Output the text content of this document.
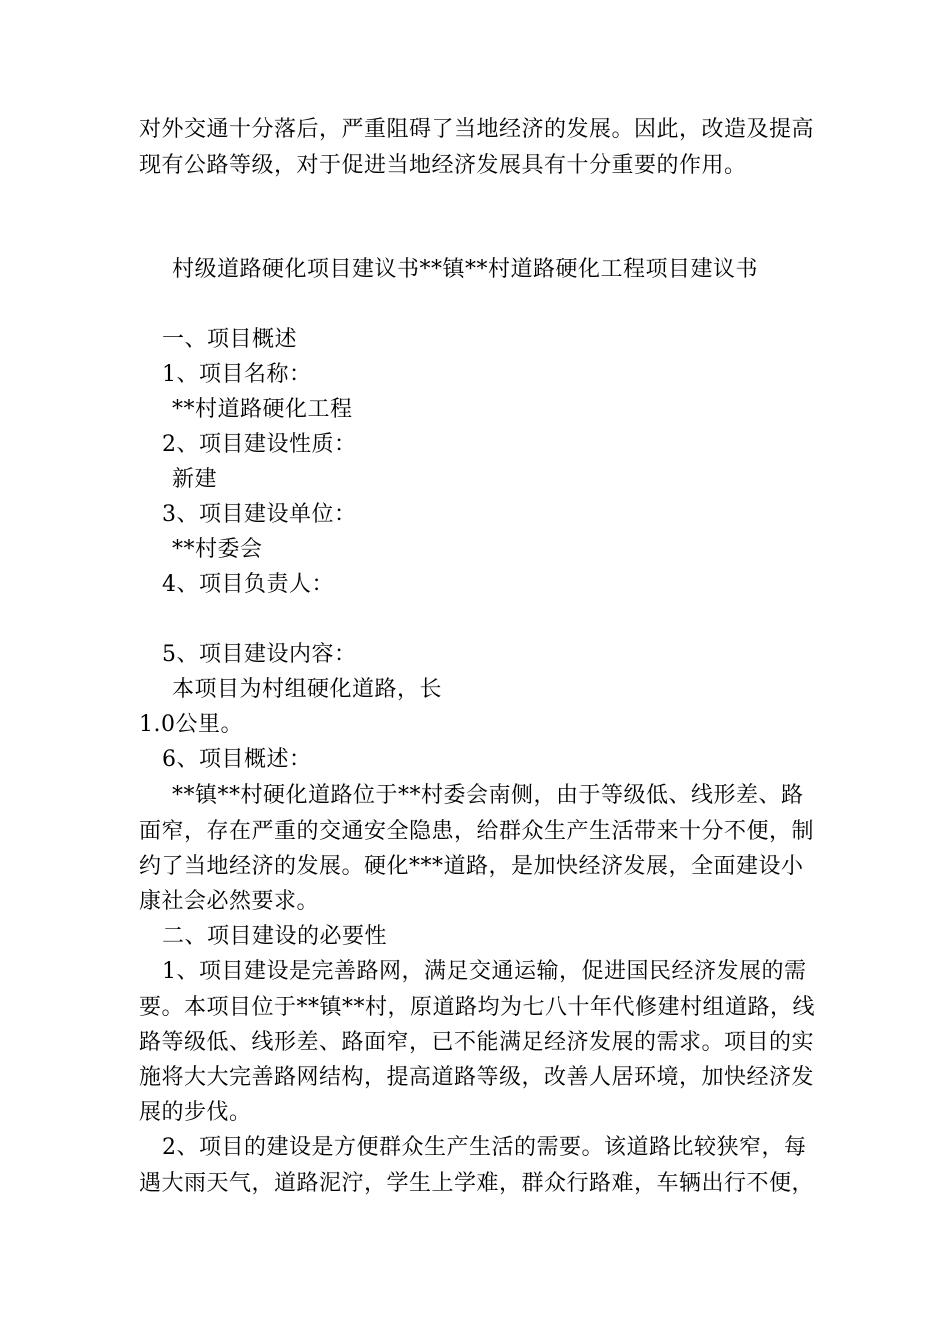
对外交通十分落后，严重阻碍了当地经济的发展。因此，改造及提高
现有公路等级，对于促进当地经济发展具有十分重要的作用。
村级道路硬化项目建议书**镇**村道路硬化工程项目建议书
一、项目概述
1、项目名称：
**村道路硬化工程
2、项目建设性质：
新建
3、项目建设单位：
**村委会
4、项目负责人：
5、项目建设内容：
本项目为村组硬化道路，长
1.0公里。
6、项目概述：
**镇**村硬化道路位于**村委会南侧，由于等级低、线形差、路
面窄，存在严重的交通安全隐患，给群众生产生活带来十分不便，制
约了当地经济的发展。硬化***道路，是加快经济发展，全面建设小
康社会必然要求。
二、项目建设的必要性
1、项目建设是完善路网，满足交通运输，促进国民经济发展的需
要。本项目位于**镇**村，原道路均为七八十年代修建村组道路，线
路等级低、线形差、路面窄，已不能满足经济发展的需求。项目的实
施将大大完善路网结构，提高道路等级，改善人居环境，加快经济发
展的步伐。
2、项目的建设是方便群众生产生活的需要。该道路比较狭窄，每
遇大雨天气，道路泥泞，学生上学难，群众行路难，车辆出行不便，
